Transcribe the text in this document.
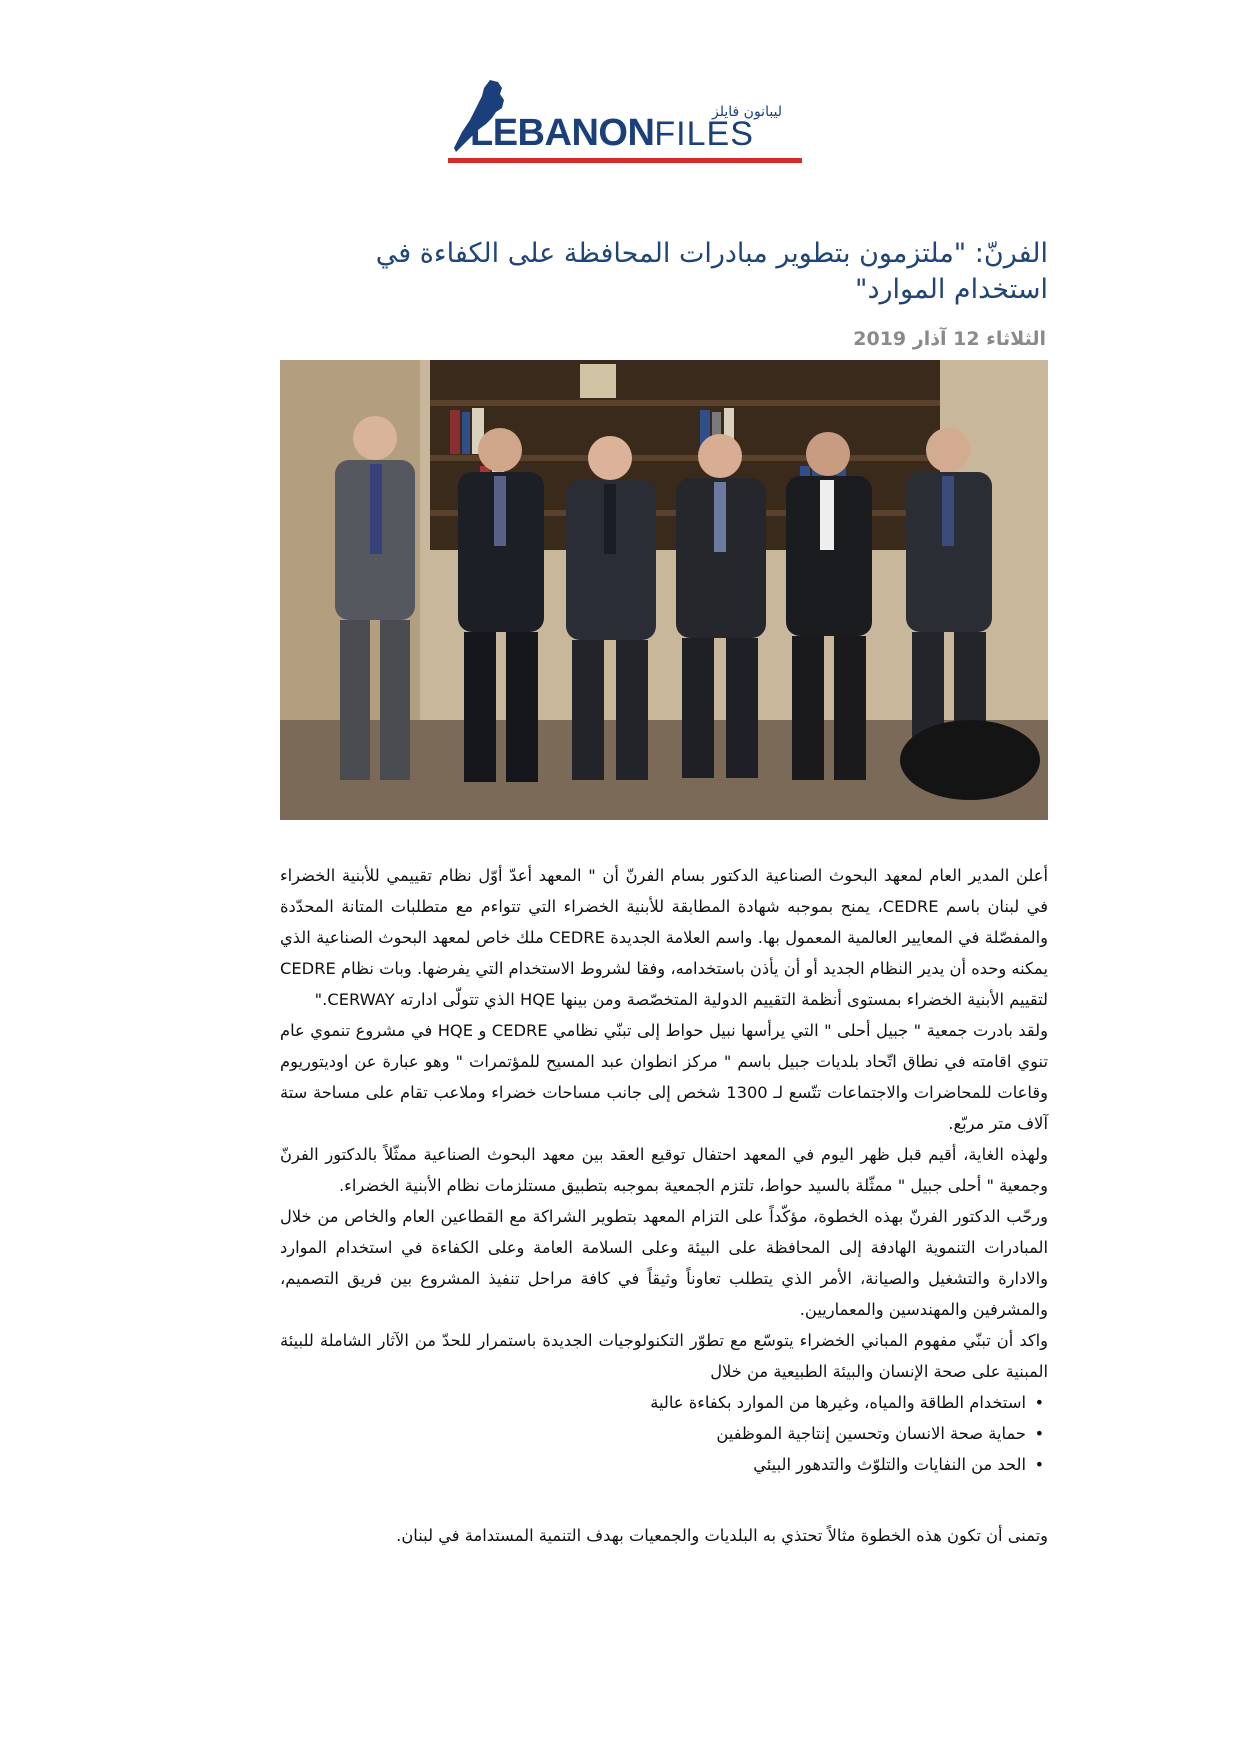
LEBANONFILES
ليبانون فايلز
الفرنّ: "ملتزمون بتطوير مبادرات المحافظة على الكفاءة في استخدام الموارد"
الثلاثاء 12 آذار 2019

أعلن المدير العام لمعهد البحوث الصناعية الدكتور بسام الفرنّ أن " المعهد أعدّ أوّل نظام تقييمي للأبنية الخضراء في لبنان باسم CEDRE، يمنح بموجبه شهادة المطابقة للأبنية الخضراء التي تتواءم مع متطلبات المتانة المحدّدة والمفصّلة في المعايير العالمية المعمول بها. واسم العلامة الجديدة CEDRE ملك خاص لمعهد البحوث الصناعية الذي يمكنه وحده أن يدير النظام الجديد أو أن يأذن باستخدامه، وفقا لشروط الاستخدام التي يفرضها. وبات نظام CEDRE لتقييم الأبنية الخضراء بمستوى أنظمة التقييم الدولية المتخصّصة ومن بينها HQE الذي تتولّى ادارته CERWAY."

ولقد بادرت جمعية " جبيل أحلى " التي يرأسها نبيل حواط إلى تبنّي نظامي CEDRE و HQE في مشروع تنموي عام تنوي اقامته في نطاق اتّحاد بلديات جبيل باسم " مركز انطوان عبد المسيح للمؤتمرات " وهو عبارة عن اوديتوريوم وقاعات للمحاضرات والاجتماعات تتّسع لـ 1300 شخص إلى جانب مساحات خضراء وملاعب تقام على مساحة ستة آلاف متر مربّع.

ولهذه الغاية، أقيم قبل ظهر اليوم في المعهد احتفال توقيع العقد بين معهد البحوث الصناعية ممثّلاً بالدكتور الفرنّ وجمعية " أحلى جبيل " ممثّلة بالسيد حواط، تلتزم الجمعية بموجبه بتطبيق مستلزمات نظام الأبنية الخضراء.

ورحّب الدكتور الفرنّ بهذه الخطوة، مؤكّداً على التزام المعهد بتطوير الشراكة مع القطاعين العام والخاص من خلال المبادرات التنموية الهادفة إلى المحافظة على البيئة وعلى السلامة العامة وعلى الكفاءة في استخدام الموارد والادارة والتشغيل والصيانة، الأمر الذي يتطلب تعاوناً وثيقاً في كافة مراحل تنفيذ المشروع بين فريق التصميم، والمشرفين والمهندسين والمعماريين.

واكد أن تبنّي مفهوم المباني الخضراء يتوسّع مع تطوّر التكنولوجيات الجديدة باستمرار للحدّ من الآثار الشاملة للبيئة المبنية على صحة الإنسان والبيئة الطبيعية من خلال

• استخدام الطاقة والمياه، وغيرها من الموارد بكفاءة عالية
• حماية صحة الانسان وتحسين إنتاجية الموظفين
• الحد من النفايات والتلوّث والتدهور البيئي

وتمنى أن تكون هذه الخطوة مثالاً تحتذي به البلديات والجمعيات بهدف التنمية المستدامة في لبنان.
